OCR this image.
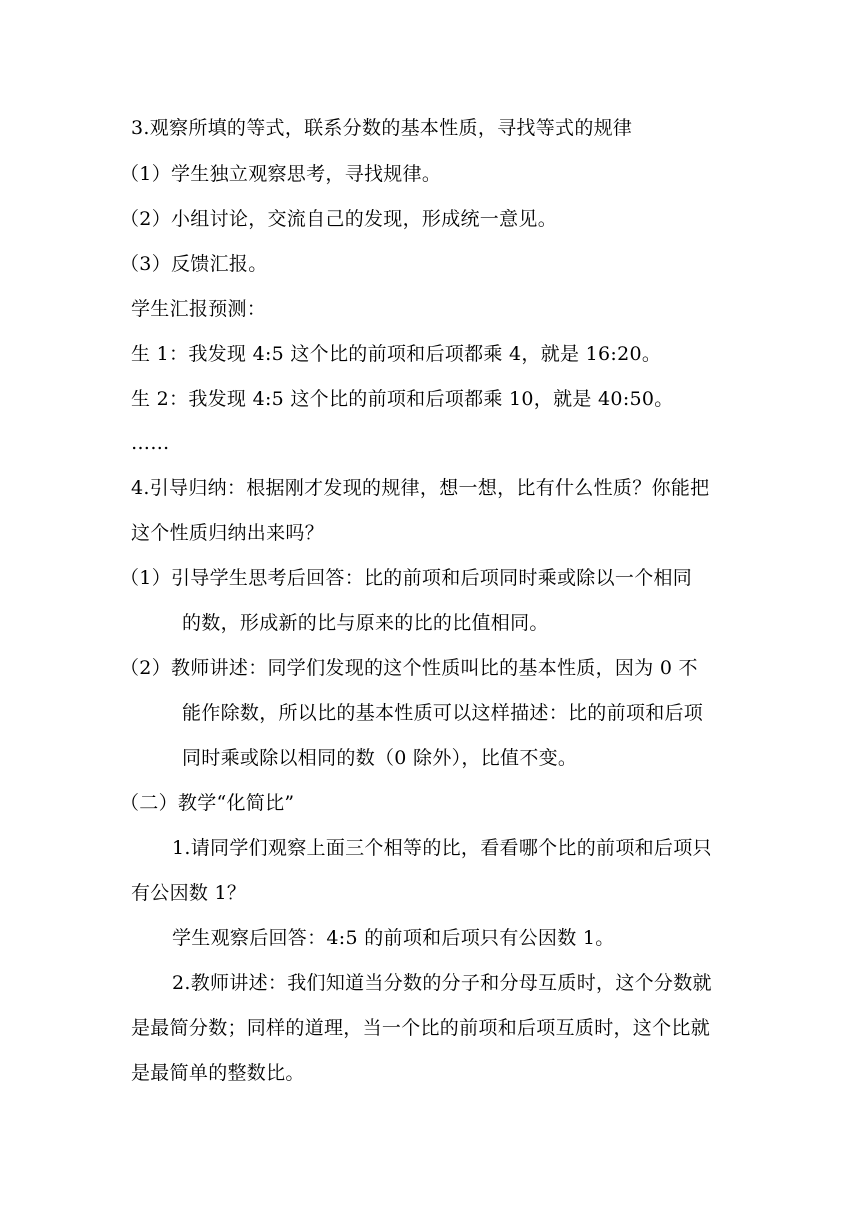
3.观察所填的等式，联系分数的基本性质，寻找等式的规律
（1）学生独立观察思考，寻找规律。
（2）小组讨论，交流自己的发现，形成统一意见。
（3）反馈汇报。
学生汇报预测：
生 1：我发现 4:5 这个比的前项和后项都乘 4，就是 16:20。
生 2：我发现 4:5 这个比的前项和后项都乘 10，就是 40:50。
……
4.引导归纳：根据刚才发现的规律，想一想，比有什么性质？你能把
这个性质归纳出来吗？
（1）引导学生思考后回答：比的前项和后项同时乘或除以一个相同
的数，形成新的比与原来的比的比值相同。
（2）教师讲述：同学们发现的这个性质叫比的基本性质，因为 0 不
能作除数，所以比的基本性质可以这样描述：比的前项和后项
同时乘或除以相同的数（0 除外），比值不变。
（二）教学“化简比”
1.请同学们观察上面三个相等的比，看看哪个比的前项和后项只
有公因数 1？
学生观察后回答：4:5 的前项和后项只有公因数 1。
2.教师讲述：我们知道当分数的分子和分母互质时，这个分数就
是最简分数；同样的道理，当一个比的前项和后项互质时，这个比就
是最简单的整数比。
